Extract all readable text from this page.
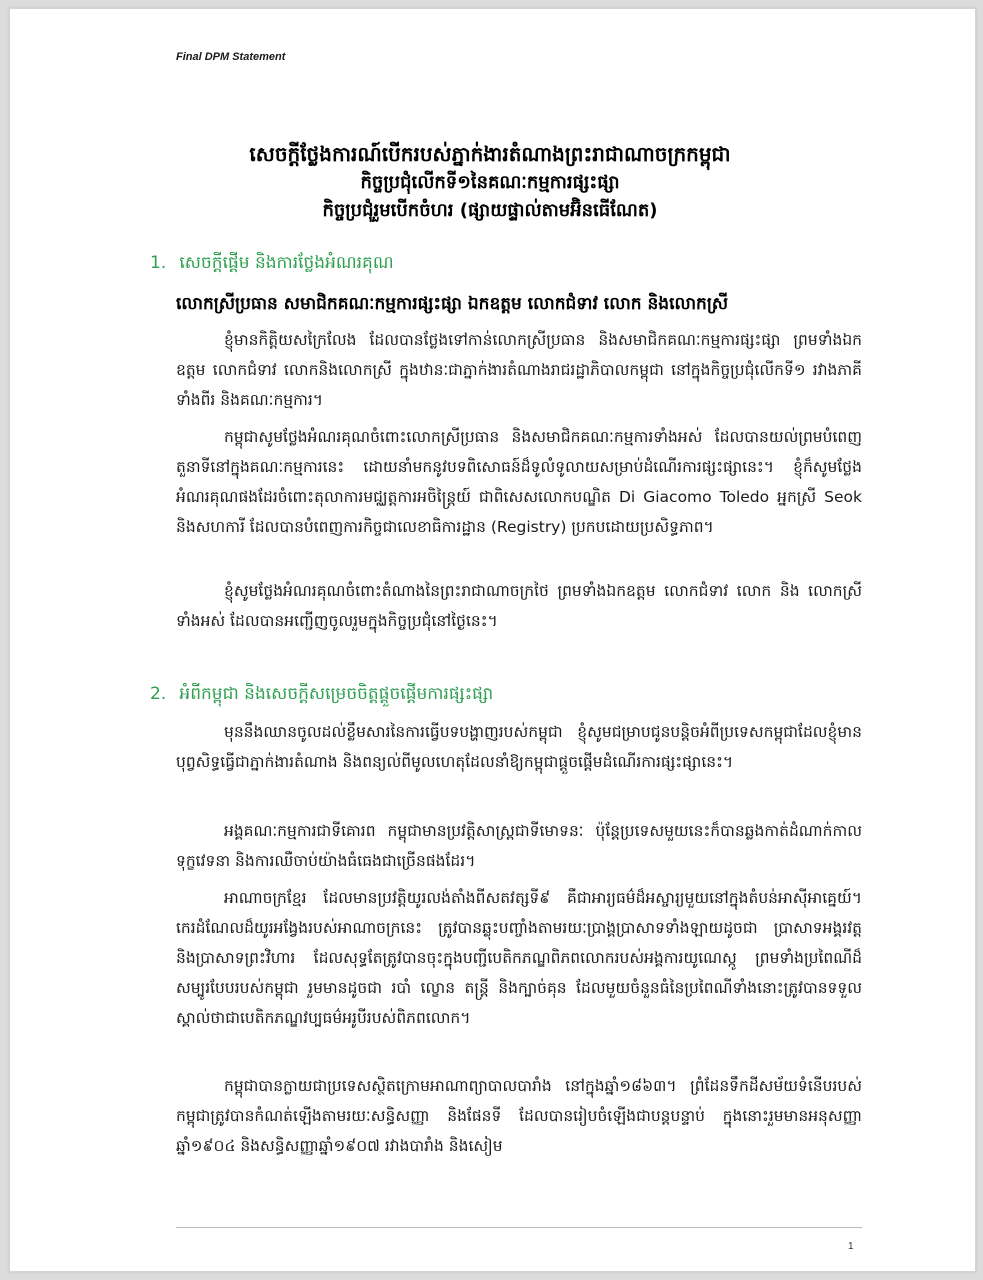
Final DPM Statement
សេចក្តីថ្លែងការណ៍បើករបស់ភ្នាក់ងារតំណាងព្រះរាជាណាចក្រកម្ពុជា
កិច្ចប្រជុំលើកទី១នៃគណៈកម្មការផ្សះផ្សា
កិច្ចប្រជុំរួមបើកចំហរ (ផ្សាយផ្ទាល់តាមអ៊ិនធើណែត)
1. សេចក្តីផ្តើម និងការថ្លែងអំណរគុណ
លោកស្រីប្រធាន សមាជិកគណៈកម្មការផ្សះផ្សា ឯកឧត្តម លោកជំទាវ លោក និងលោកស្រី
ខ្ញុំមានកិត្តិយសក្រៃលែង ដែលបានថ្លែងទៅកាន់លោកស្រីប្រធាន និងសមាជិកគណៈកម្មការផ្សះផ្សា ព្រមទាំងឯកឧត្តម លោកជំទាវ លោកនិងលោកស្រី ក្នុងឋានៈជាភ្នាក់ងារតំណាងរាជរដ្ឋាភិបាលកម្ពុជា នៅក្នុងកិច្ចប្រជុំលើកទី១ រវាងភាគីទាំងពីរ និងគណៈកម្មការ។
កម្ពុជាសូមថ្លែងអំណរគុណចំពោះលោកស្រីប្រធាន និងសមាជិកគណៈកម្មការទាំងអស់ ដែលបានយល់ព្រមបំពេញតួនាទីនៅក្នុងគណៈកម្មការនេះ ដោយនាំមកនូវបទពិសោធន៍ដ៏ទូលំទូលាយសម្រាប់ដំណើរការផ្សះផ្សានេះ។ ខ្ញុំក៏សូមថ្លែងអំណរគុណផងដែរចំពោះតុលាការមជ្ឈត្តការអចិន្ត្រៃយ៍ ជាពិសេសលោកបណ្ឌិត Di Giacomo Toledo អ្នកស្រី Seok និងសហការី ដែលបានបំពេញការកិច្ចជាលេខាធិការដ្ឋាន (Registry) ប្រកបដោយប្រសិទ្ធភាព។
ខ្ញុំសូមថ្លែងអំណរគុណចំពោះតំណាងនៃព្រះរាជាណាចក្រថៃ ព្រមទាំងឯកឧត្តម លោកជំទាវ លោក និង លោកស្រីទាំងអស់ ដែលបានអញ្ជើញចូលរួមក្នុងកិច្ចប្រជុំនៅថ្ងៃនេះ។
2. អំពីកម្ពុជា និងសេចក្តីសម្រេចចិត្តផ្តួចផ្តើមការផ្សះផ្សា
មុននឹងឈានចូលដល់ខ្លឹមសារនៃការធ្វើបទបង្ហាញរបស់កម្ពុជា ខ្ញុំសូមជម្រាបជូនបន្តិចអំពីប្រទេសកម្ពុជាដែលខ្ញុំមានបុព្វសិទ្ធធ្វើជាភ្នាក់ងារតំណាង និងពន្យល់ពីមូលហេតុដែលនាំឱ្យកម្ពុជាផ្តួចផ្តើមដំណើរការផ្សះផ្សានេះ។
អង្គគណៈកម្មការជាទីគោរព កម្ពុជាមានប្រវត្តិសាស្ត្រជាទីមោទនៈ ប៉ុន្តែប្រទេសមួយនេះក៏បានឆ្លងកាត់ដំណាក់កាលទុក្ខវេទនា និងការឈឺចាប់យ៉ាងធំធេងជាច្រើនផងដែរ។
អាណាចក្រខ្មែរ ដែលមានប្រវត្តិយូរលង់តាំងពីសតវត្សទី៩ គឺជាអារ្យធម៌ដ៏អស្ចារ្យមួយនៅក្នុងតំបន់អាស៊ីអាគ្នេយ៍។ កេរដំណែលដ៏យូរអង្វែងរបស់អាណាចក្រនេះ ត្រូវបានឆ្លុះបញ្ចាំងតាមរយៈប្រាង្គប្រាសាទទាំងឡាយដូចជា ប្រាសាទអង្គរវត្ត និងប្រាសាទព្រះវិហារ ដែលសុទ្ធតែត្រូវបានចុះក្នុងបញ្ជីបេតិកភណ្ឌពិភពលោករបស់អង្គការយូណេស្កូ ព្រមទាំងប្រពៃណីដ៏សម្បូរបែបរបស់កម្ពុជា រួមមានដូចជា របាំ ល្ខោន តន្ត្រី និងក្បាច់គុន ដែលមួយចំនួនធំនៃប្រពៃណីទាំងនោះត្រូវបានទទួលស្គាល់ថាជាបេតិកភណ្ឌវប្បធម៌អរូបីរបស់ពិភពលោក។
កម្ពុជាបានក្លាយជាប្រទេសស្ថិតក្រោមអាណាព្យាបាលបារាំង នៅក្នុងឆ្នាំ១៨៦៣។ ព្រំដែនទឹកដីសម័យទំនើបរបស់កម្ពុជាត្រូវបានកំណត់ឡើងតាមរយៈសន្ធិសញ្ញា និងផែនទី ដែលបានរៀបចំឡើងជាបន្តបន្ទាប់ ក្នុងនោះរួមមានអនុសញ្ញាឆ្នាំ១៩០៤ និងសន្ធិសញ្ញាឆ្នាំ១៩០៧ រវាងបារាំង និងសៀម
1
